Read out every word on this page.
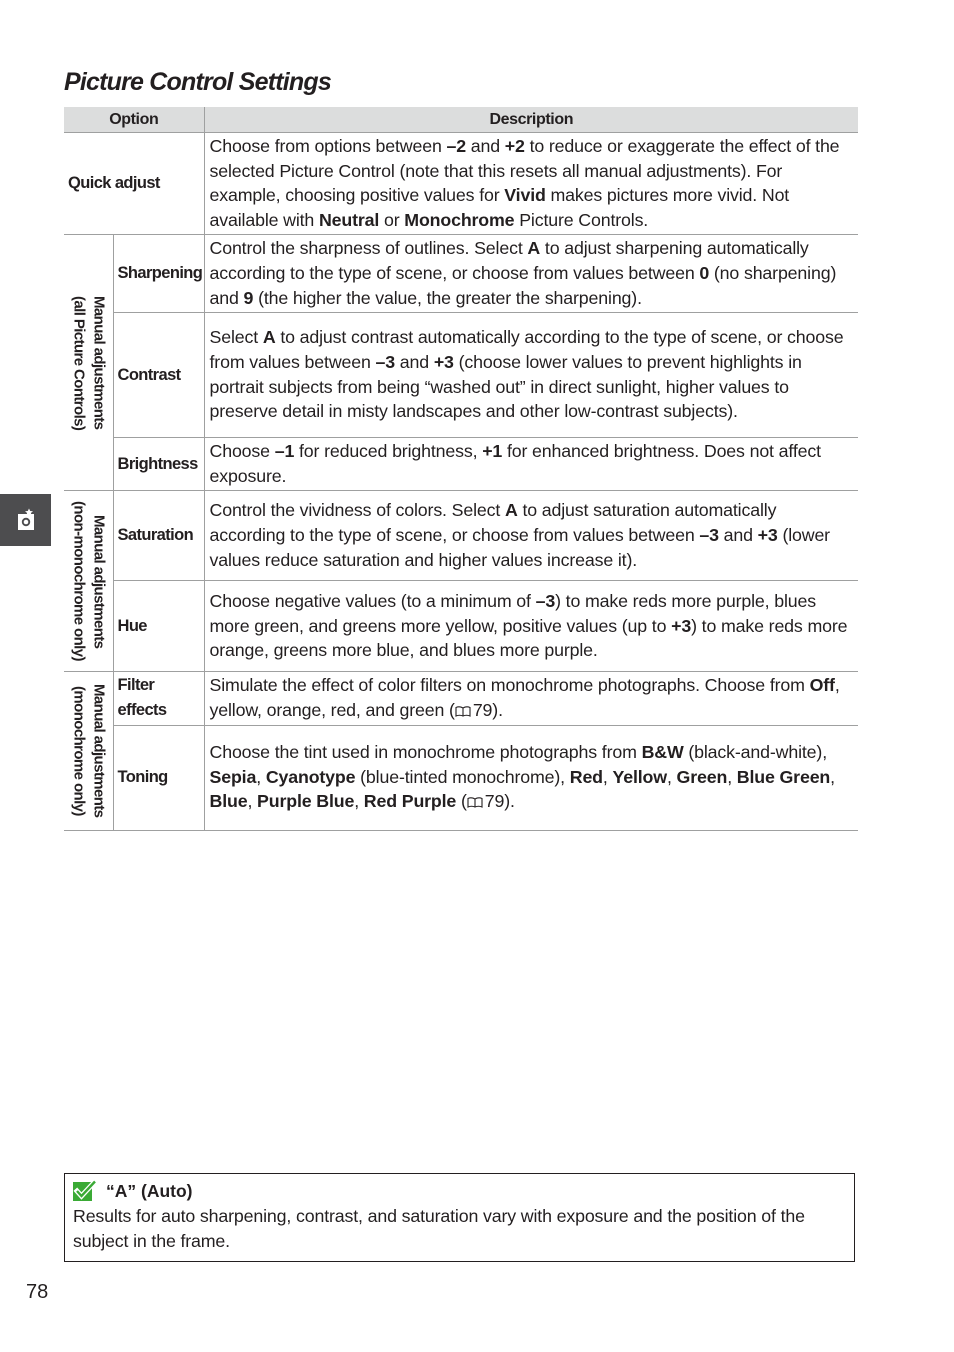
Picture Control Settings
Option		Description
Quick adjust		Choose from options between –2 and +2 to reduce or exaggerate the effect of the selected Picture Control (note that this resets all manual adjustments). For example, choosing positive values for Vivid makes pictures more vivid. Not available with Neutral or Monochrome Picture Controls.

Manual adjustments
(all Picture Controls)	Sharpening	Control the sharpness of outlines. Select A to adjust sharpening automatically according to the type of scene, or choose from values between 0 (no sharpening) and 9 (the higher the value, the greater the sharpening).
	Contrast	Select A to adjust contrast automatically according to the type of scene, or choose from values between –3 and +3 (choose lower values to prevent highlights in portrait subjects from being “washed out” in direct sunlight, higher values to preserve detail in misty landscapes and other low-contrast subjects).
	Brightness	Choose –1 for reduced brightness, +1 for enhanced brightness. Does not affect exposure.

Manual adjustments
(non-monochrome only)	Saturation	Control the vividness of colors. Select A to adjust saturation automatically according to the type of scene, or choose from values between –3 and +3 (lower values reduce saturation and higher values increase it).
	Hue	Choose negative values (to a minimum of –3) to make reds more purple, blues more green, and greens more yellow, positive values (up to +3) to make reds more orange, greens more blue, and blues more purple.

Manual adjustments
(monochrome only)	Filter effects	Simulate the effect of color filters on monochrome photographs. Choose from Off, yellow, orange, red, and green ( 79).
	Toning	Choose the tint used in monochrome photographs from B&W (black-and-white), Sepia, Cyanotype (blue-tinted monochrome), Red, Yellow, Green, Blue Green, Blue, Purple Blue, Red Purple ( 79).
“A” (Auto)
Results for auto sharpening, contrast, and saturation vary with exposure and the position of the subject in the frame.
78
